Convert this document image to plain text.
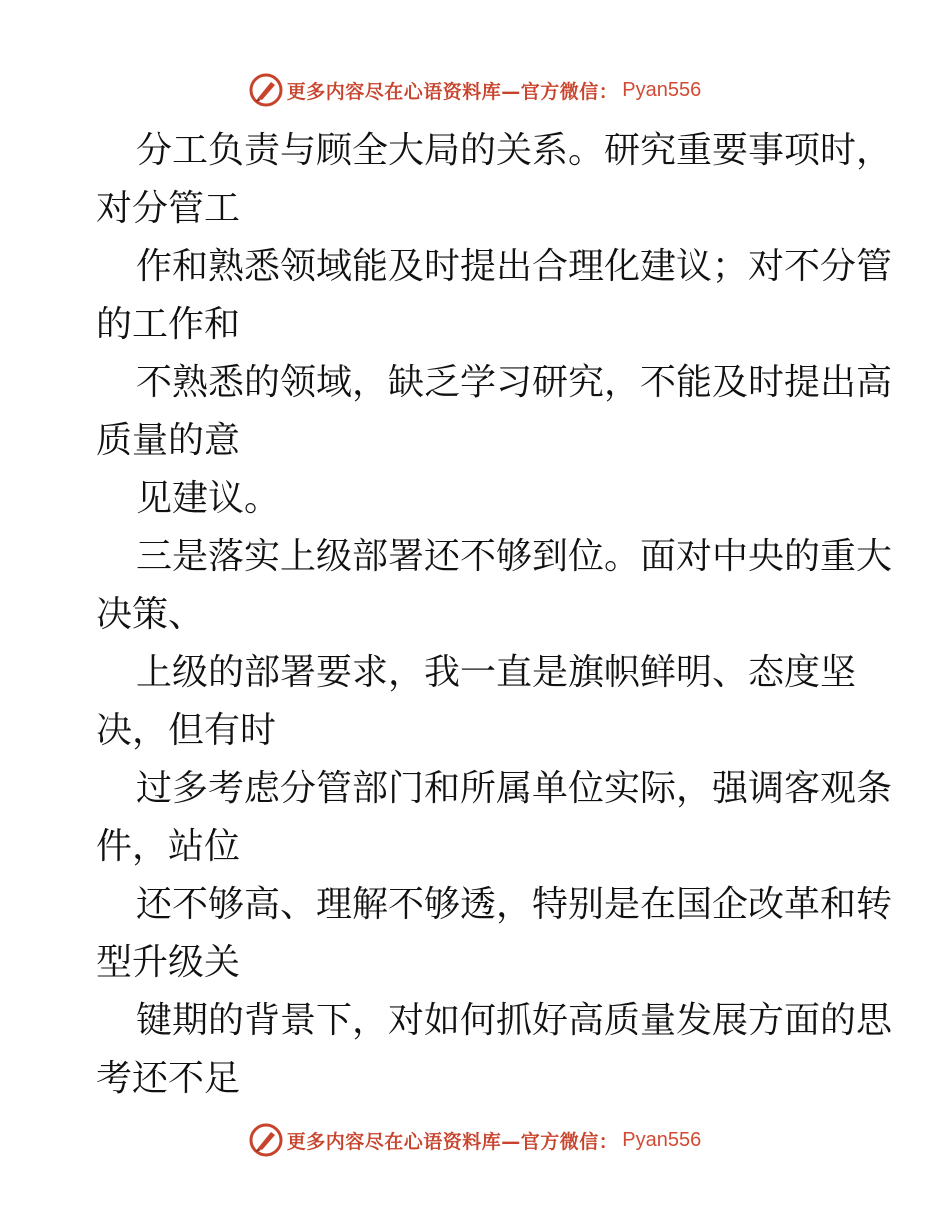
更多内容尽在心语资料库—官方微信： Pyan556

分工负责与顾全大局的关系。研究重要事项时，
对分管工

作和熟悉领域能及时提出合理化建议；对不分管
的工作和

不熟悉的领域，缺乏学习研究，不能及时提出高
质量的意

见建议。

三是落实上级部署还不够到位。面对中央的重大
决策、

上级的部署要求，我一直是旗帜鲜明、态度坚
决，但有时

过多考虑分管部门和所属单位实际，强调客观条
件，站位

还不够高、理解不够透，特别是在国企改革和转
型升级关

键期的背景下，对如何抓好高质量发展方面的思
考还不足

更多内容尽在心语资料库—官方微信： Pyan556
